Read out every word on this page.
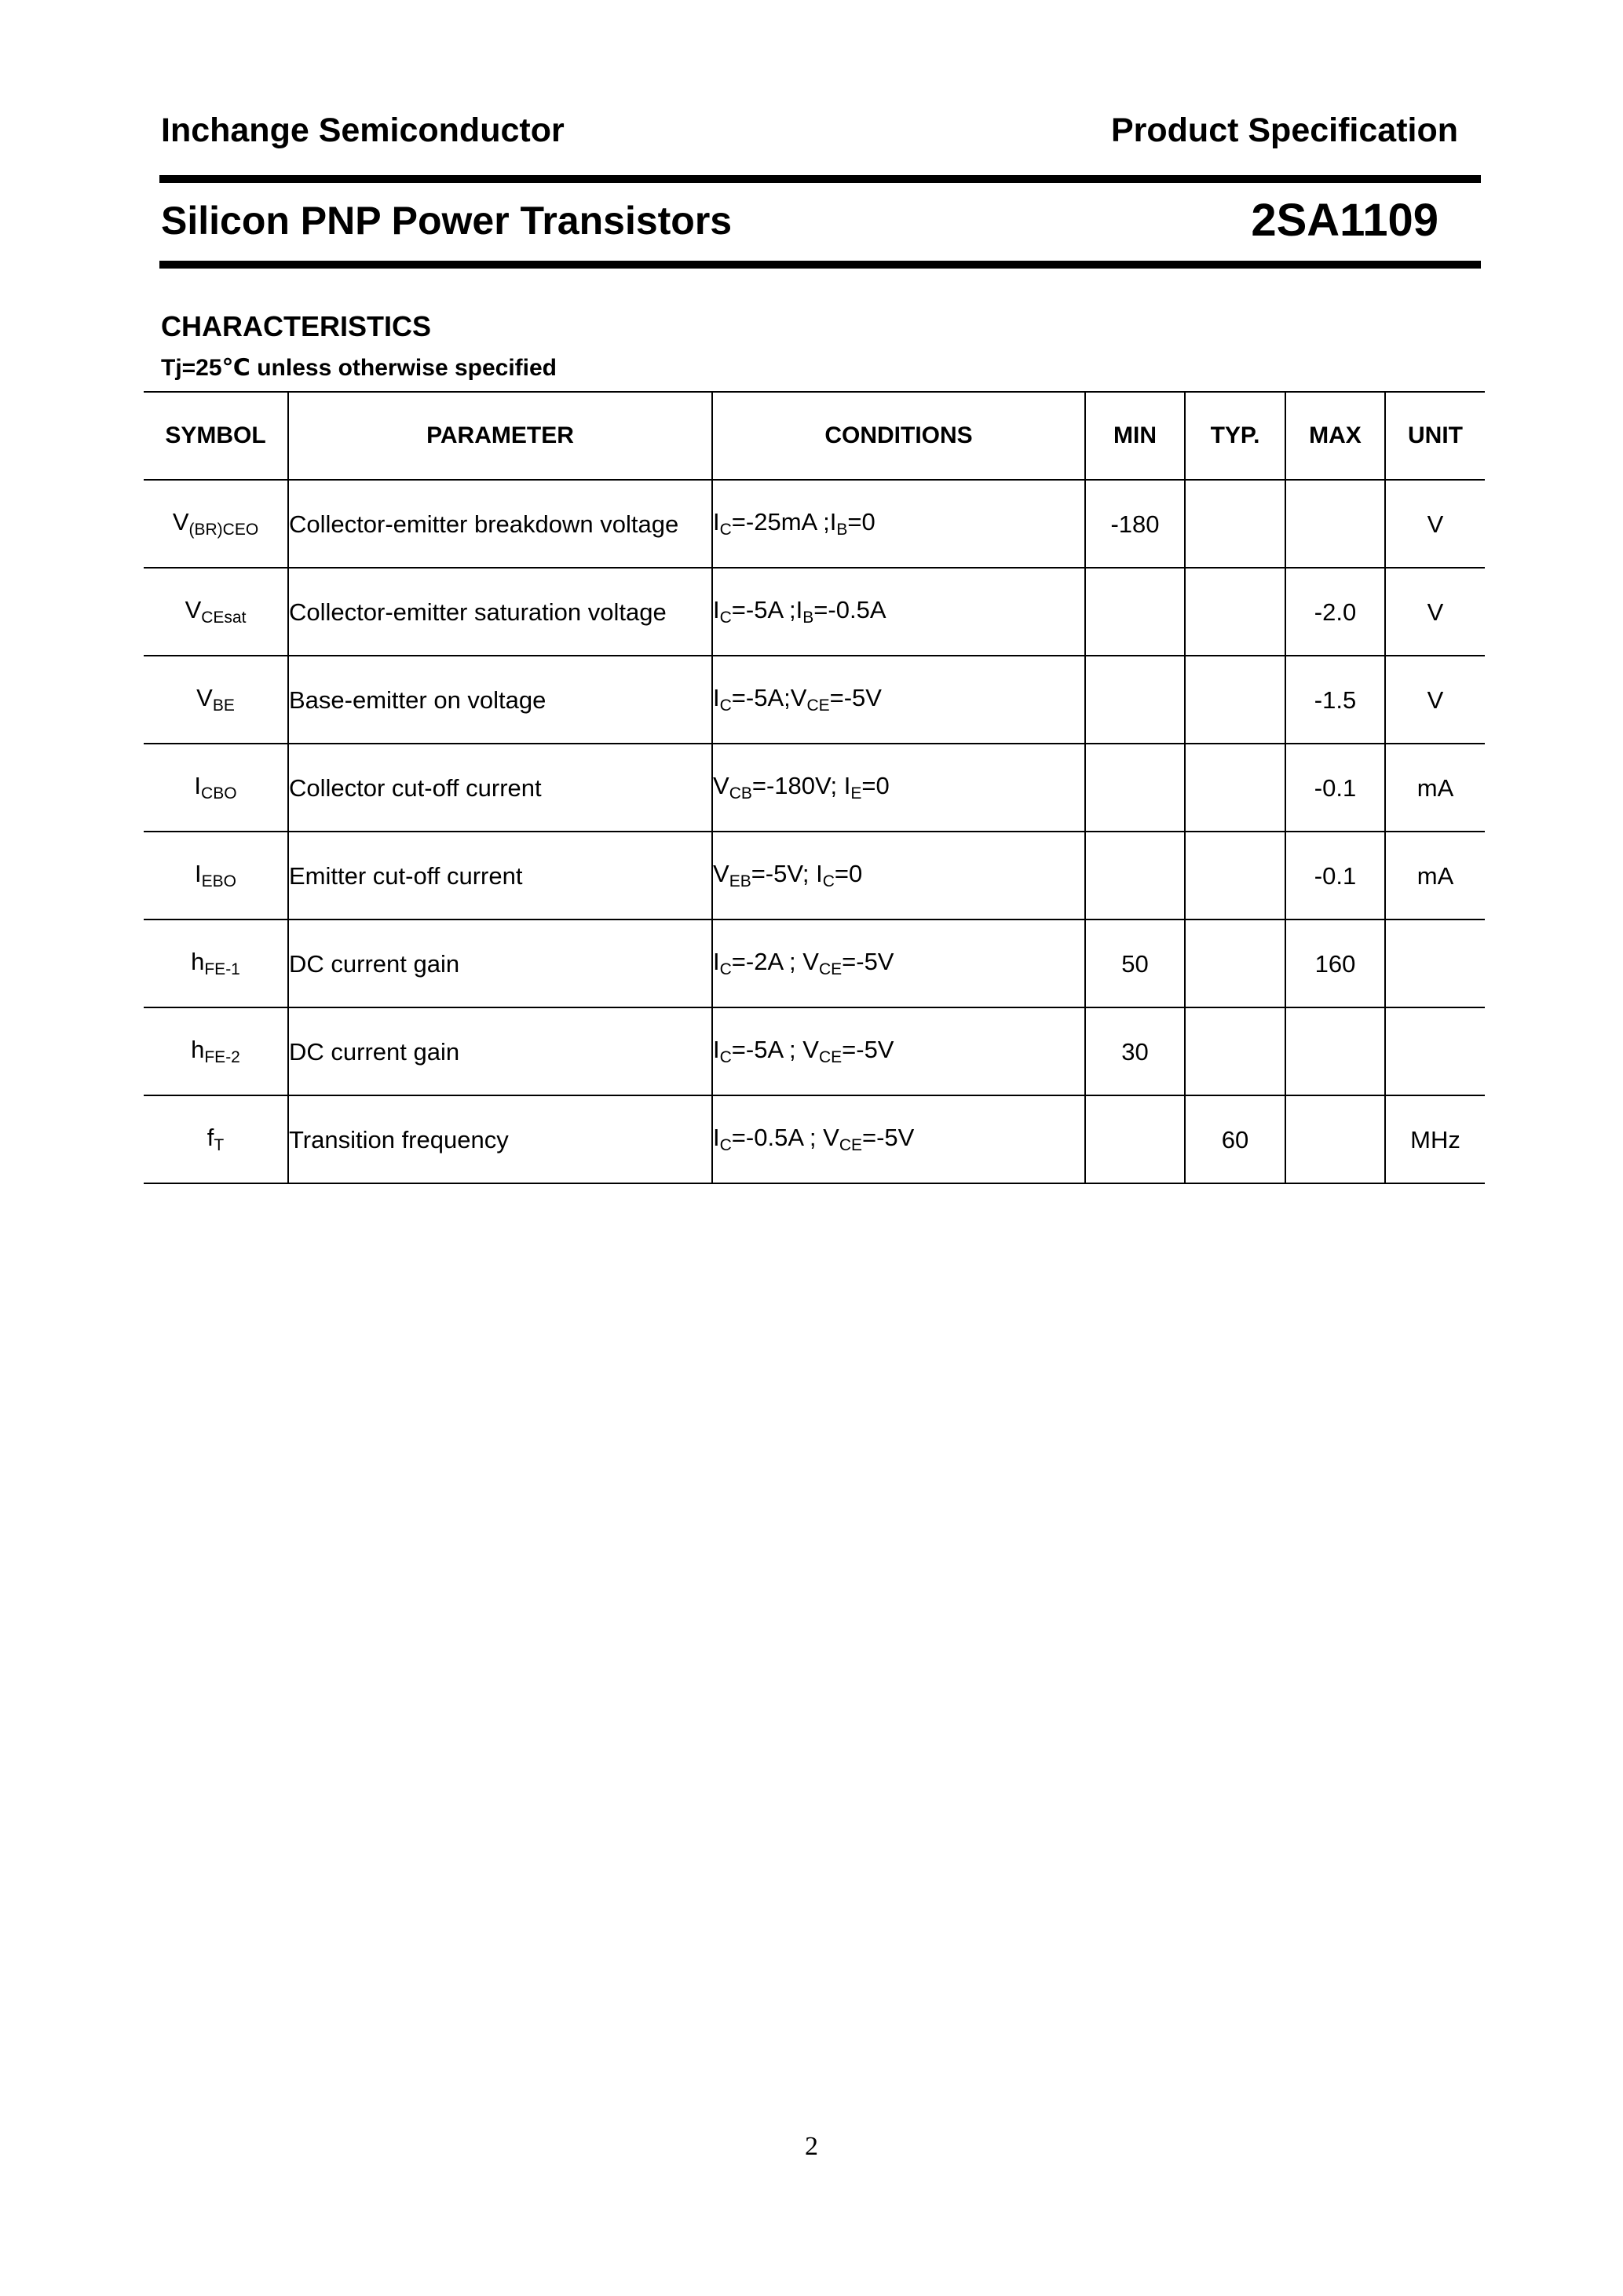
Inchange Semiconductor	Product Specification
Silicon PNP Power Transistors	2SA1109
CHARACTERISTICS
Tj=25℃ unless otherwise specified
SYMBOL	PARAMETER	CONDITIONS	MIN	TYP.	MAX	UNIT
$V_{(BR)CEO}$	Collector-emitter breakdown voltage	$I_C=-25mA$ $;I_B=0$	-180			V
$V_{CEsat}$	Collector-emitter saturation voltage	$I_C=-5A$ $;I_B=-0.5A$			-2.0	V
$V_{BE}$	Base-emitter on voltage	$I_C=-5A;V_{CE}=-5V$			-1.5	V
$I_{CBO}$	Collector cut-off current	$V_{CB}=-180V$; $I_E=0$			-0.1	mA
$I_{EBO}$	Emitter cut-off current	$V_{EB}=-5V$; $I_C=0$			-0.1	mA
$h_{FE-1}$	DC current gain	$I_C=-2A$ ; $V_{CE}=-5V$	50		160	
$h_{FE-2}$	DC current gain	$I_C=-5A$ ; $V_{CE}=-5V$	30			
$f_T$	Transition frequency	$I_C=-0.5A$ ; $V_{CE}=-5V$		60		MHz
2
